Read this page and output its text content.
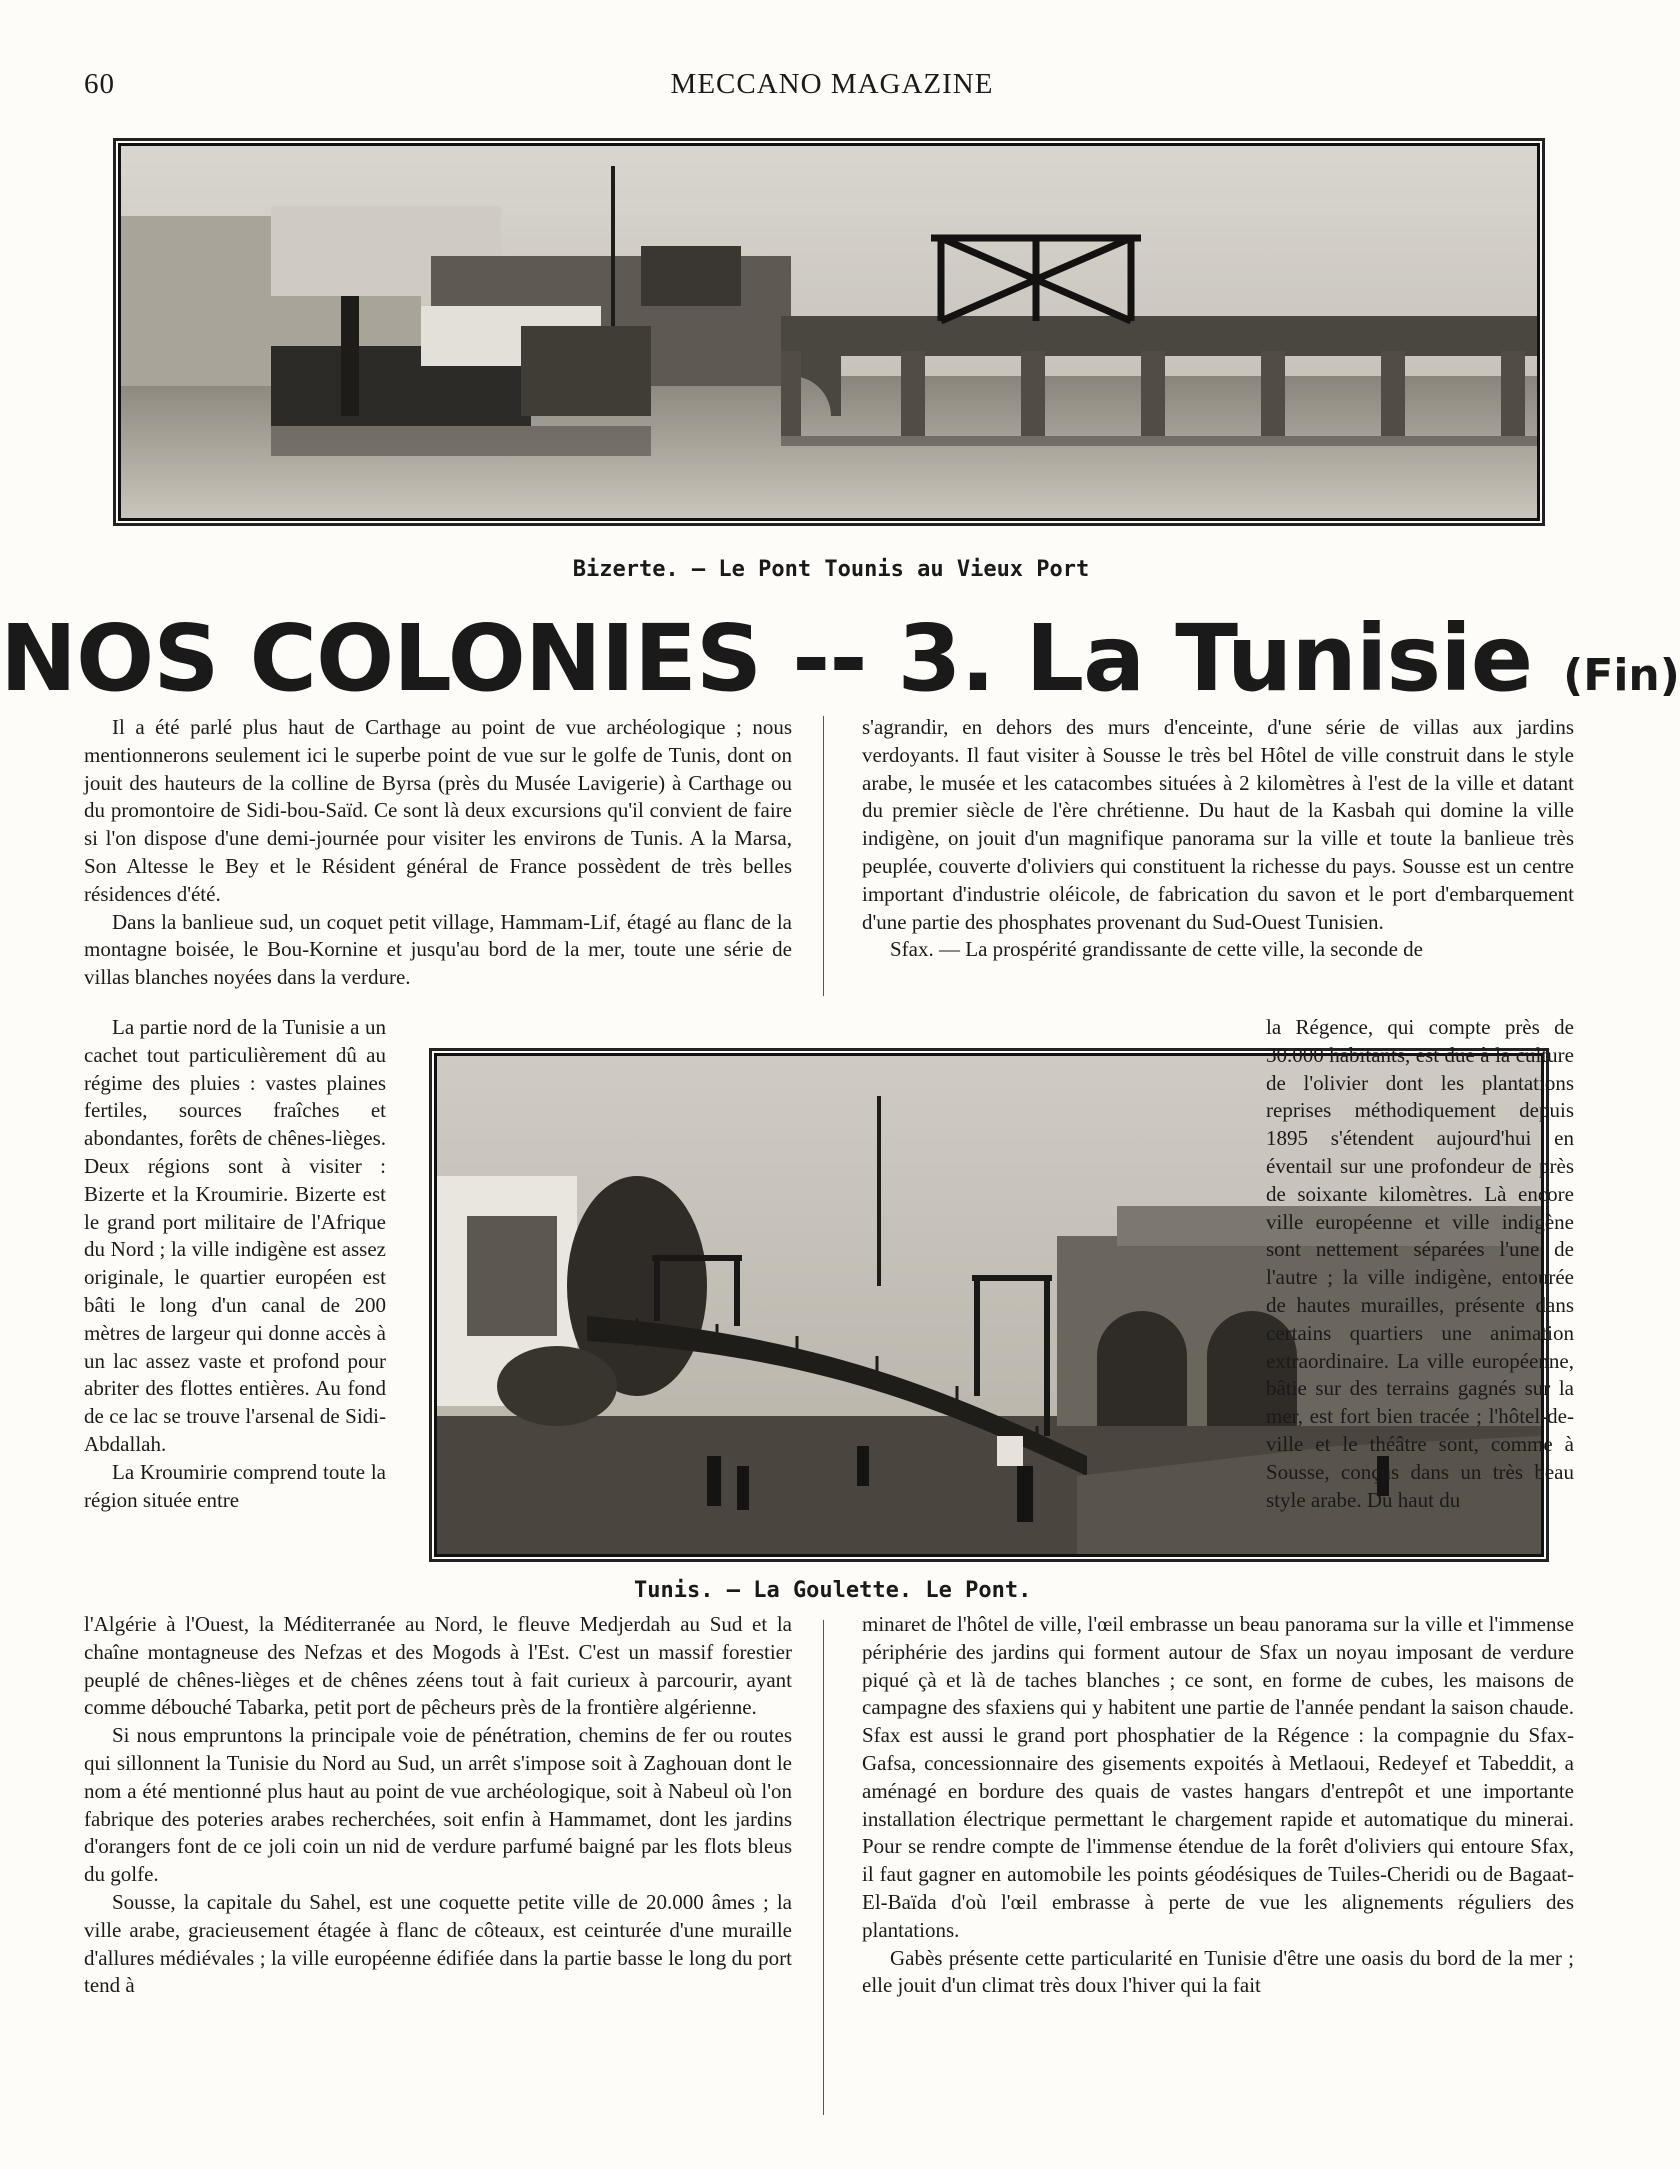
60	MECCANO MAGAZINE
Bizerte. — Le Pont Tounis au Vieux Port
NOS COLONIES -- 3. La Tunisie (Fin)

Il a été parlé plus haut de Carthage au point de vue archéologique ; nous mentionnerons seulement ici le superbe point de vue sur le golfe de Tunis, dont on jouit des hauteurs de la colline de Byrsa (près du Musée Lavigerie) à Carthage ou du promontoire de Sidi-bou-Saïd. Ce sont là deux excursions qu'il convient de faire si l'on dispose d'une demi-journée pour visiter les environs de Tunis. A la Marsa, Son Altesse le Bey et le Résident général de France possèdent de très belles résidences d'été.

Dans la banlieue sud, un coquet petit village, Hammam-Lif, étagé au flanc de la montagne boisée, le Bou-Kornine et jusqu'au bord de la mer, toute une série de villas blanches noyées dans la verdure.

La partie nord de la Tunisie a un cachet tout particulièrement dû au régime des pluies : vastes plaines fertiles, sources fraîches et abondantes, forêts de chênes-lièges. Deux régions sont à visiter : Bizerte et la Kroumirie. Bizerte est le grand port militaire de l'Afrique du Nord ; la ville indigène est assez originale, le quartier européen est bâti le long d'un canal de 200 mètres de largeur qui donne accès à un lac assez vaste et profond pour abriter des flottes entières. Au fond de ce lac se trouve l'arsenal de Sidi-Abdallah.

La Kroumirie comprend toute la région située entre

Tunis. — La Goulette. Le Pont.

l'Algérie à l'Ouest, la Méditerranée au Nord, le fleuve Medjerdah au Sud et la chaîne montagneuse des Nefzas et des Mogods à l'Est. C'est un massif forestier peuplé de chênes-lièges et de chênes zéens tout à fait curieux à parcourir, ayant comme débouché Tabarka, petit port de pêcheurs près de la frontière algérienne.

Si nous empruntons la principale voie de pénétration, chemins de fer ou routes qui sillonnent la Tunisie du Nord au Sud, un arrêt s'impose soit à Zaghouan dont le nom a été mentionné plus haut au point de vue archéologique, soit à Nabeul où l'on fabrique des poteries arabes recherchées, soit enfin à Hammamet, dont les jardins d'orangers font de ce joli coin un nid de verdure parfumé baigné par les flots bleus du golfe.

Sousse, la capitale du Sahel, est une coquette petite ville de 20.000 âmes ; la ville arabe, gracieusement étagée à flanc de côteaux, est ceinturée d'une muraille d'allures médiévales ; la ville européenne édifiée dans la partie basse le long du port tend à

s'agrandir, en dehors des murs d'enceinte, d'une série de villas aux jardins verdoyants. Il faut visiter à Sousse le très bel Hôtel de ville construit dans le style arabe, le musée et les catacombes situées à 2 kilomètres à l'est de la ville et datant du premier siècle de l'ère chrétienne. Du haut de la Kasbah qui domine la ville indigène, on jouit d'un magnifique panorama sur la ville et toute la banlieue très peuplée, couverte d'oliviers qui constituent la richesse du pays. Sousse est un centre important d'industrie oléicole, de fabrication du savon et le port d'embarquement d'une partie des phosphates provenant du Sud-Ouest Tunisien.

Sfax. — La prospérité grandissante de cette ville, la seconde de

la Régence, qui compte près de 30.000 habitants, est due à la culture de l'olivier dont les plantations reprises méthodiquement depuis 1895 s'étendent aujourd'hui en éventail sur une profondeur de près de soixante kilomètres. Là encore ville européenne et ville indigène sont nettement séparées l'une de l'autre ; la ville indigène, entourée de hautes murailles, présente dans certains quartiers une animation extraordinaire. La ville européenne, bâtie sur des terrains gagnés sur la mer, est fort bien tracée ; l'hôtel-de-ville et le théâtre sont, comme à Sousse, conçus dans un très beau style arabe. Du haut du

minaret de l'hôtel de ville, l'œil embrasse un beau panorama sur la ville et l'immense périphérie des jardins qui forment autour de Sfax un noyau imposant de verdure piqué çà et là de taches blanches ; ce sont, en forme de cubes, les maisons de campagne des sfaxiens qui y habitent une partie de l'année pendant la saison chaude. Sfax est aussi le grand port phosphatier de la Régence : la compagnie du Sfax-Gafsa, concessionnaire des gisements expoités à Metlaoui, Redeyef et Tabeddit, a aménagé en bordure des quais de vastes hangars d'entrepôt et une importante installation électrique permettant le chargement rapide et automatique du minerai. Pour se rendre compte de l'immense étendue de la forêt d'oliviers qui entoure Sfax, il faut gagner en automobile les points géodésiques de Tuiles-Cheridi ou de Bagaat-El-Baïda d'où l'œil embrasse à perte de vue les alignements réguliers des plantations.

Gabès présente cette particularité en Tunisie d'être une oasis du bord de la mer ; elle jouit d'un climat très doux l'hiver qui la fait
